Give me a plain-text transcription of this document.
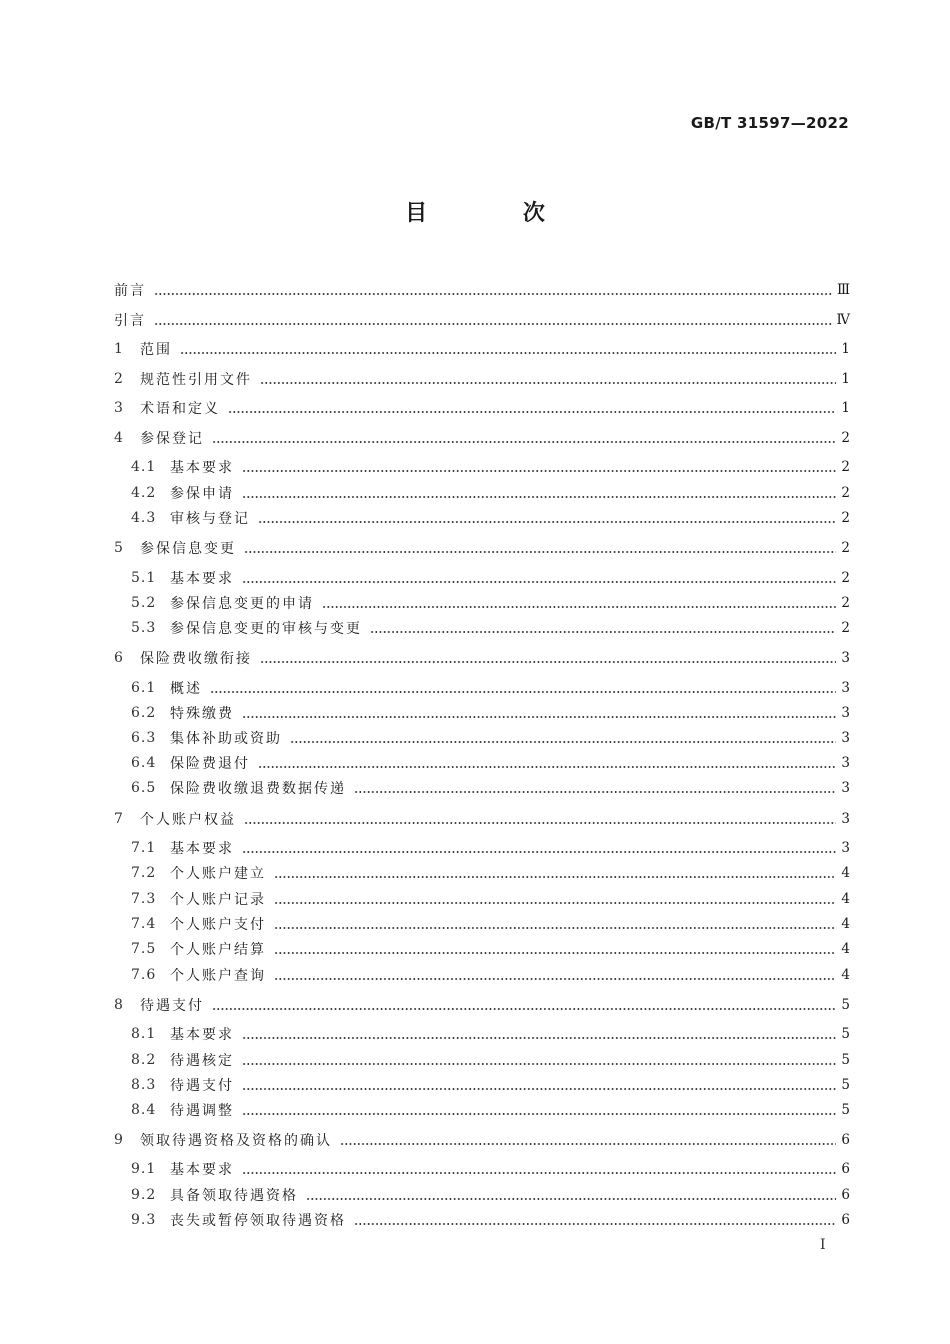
GB/T 31597—2022
目 次
前言	Ⅲ
引言	Ⅳ
1	范围	1
2	规范性引用文件	1
3	术语和定义	1
4	参保登记	2
4.1 基本要求	2
4.2 参保申请	2
4.3 审核与登记	2
5	参保信息变更	2
5.1 基本要求	2
5.2 参保信息变更的申请	2
5.3 参保信息变更的审核与变更	2
6	保险费收缴衔接	3
6.1 概述	3
6.2 特殊缴费	3
6.3 集体补助或资助	3
6.4 保险费退付	3
6.5 保险费收缴退费数据传递	3
7	个人账户权益	3
7.1 基本要求	3
7.2 个人账户建立	4
7.3 个人账户记录	4
7.4 个人账户支付	4
7.5 个人账户结算	4
7.6 个人账户查询	4
8	待遇支付	5
8.1 基本要求	5
8.2 待遇核定	5
8.3 待遇支付	5
8.4 待遇调整	5
9	领取待遇资格及资格的确认	6
9.1 基本要求	6
9.2 具备领取待遇资格	6
9.3 丧失或暂停领取待遇资格	6
Ⅰ
